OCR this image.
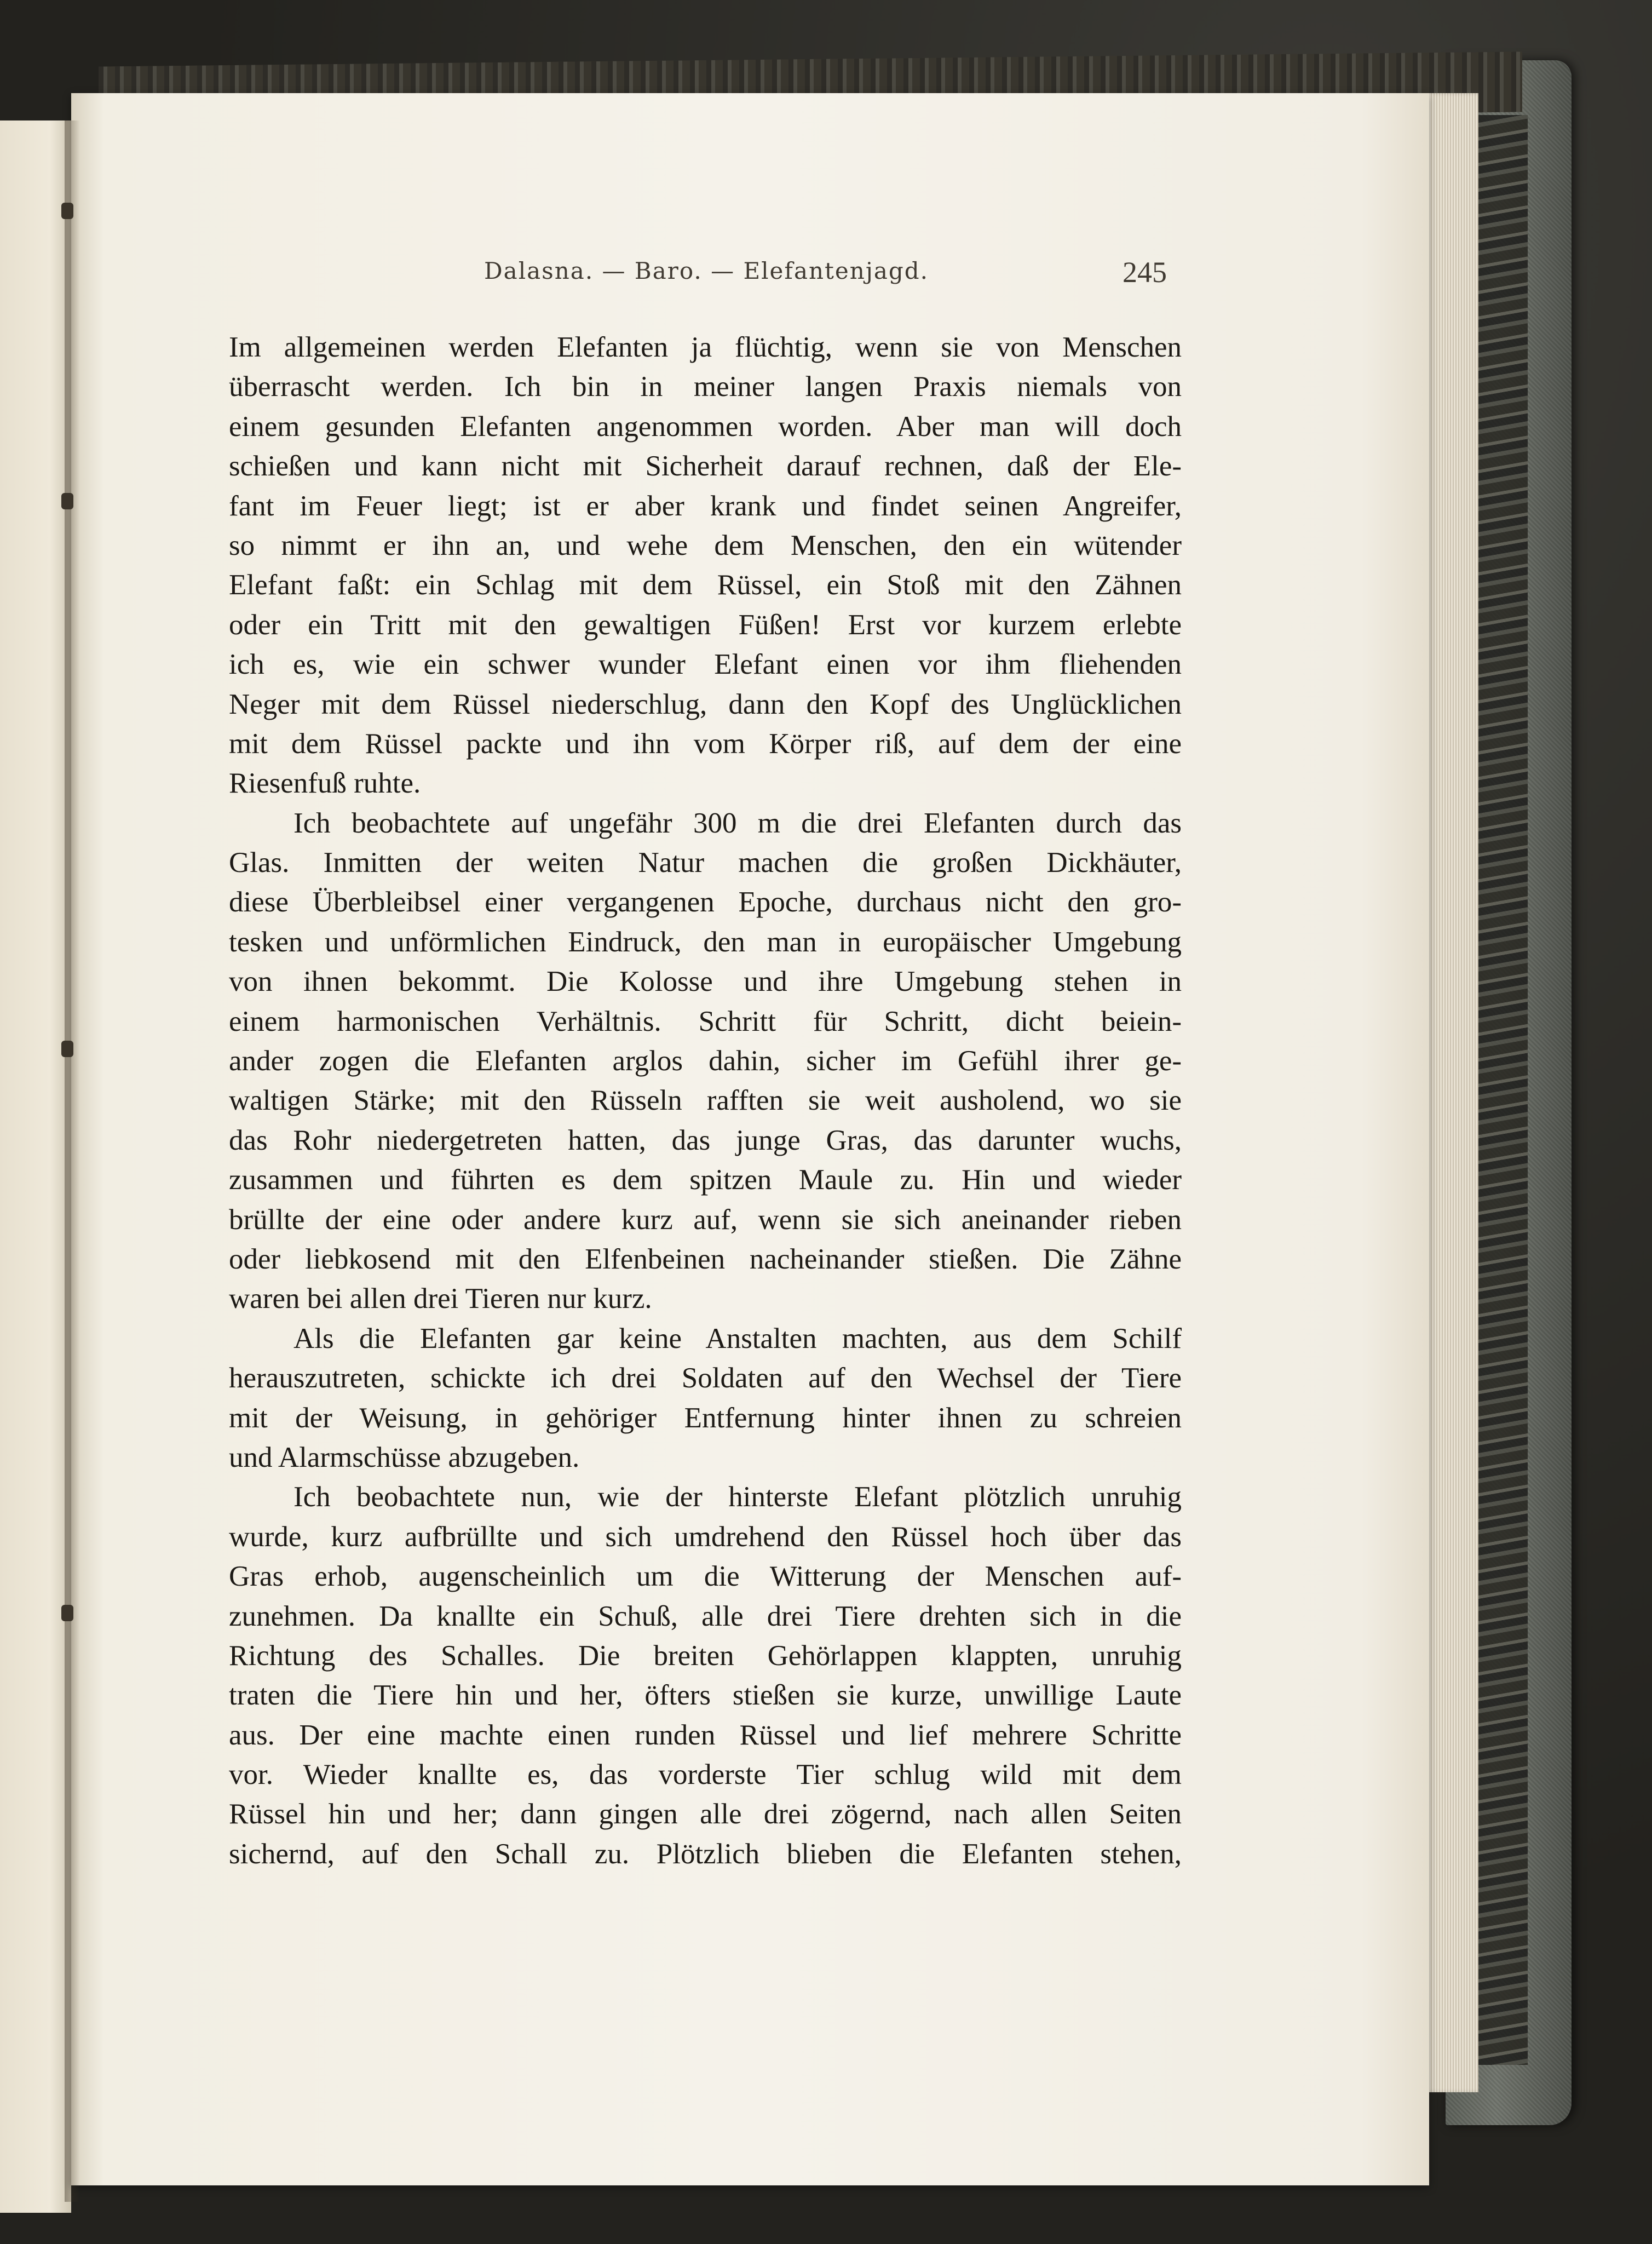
Dalasna. — Baro. — Elefantenjagd.	245
Im allgemeinen werden Elefanten ja flüchtig, wenn sie von Menschen
überrascht werden. Ich bin in meiner langen Praxis niemals von
einem gesunden Elefanten angenommen worden. Aber man will doch
schießen und kann nicht mit Sicherheit darauf rechnen, daß der Ele-
fant im Feuer liegt; ist er aber krank und findet seinen Angreifer,
so nimmt er ihn an, und wehe dem Menschen, den ein wütender
Elefant faßt: ein Schlag mit dem Rüssel, ein Stoß mit den Zähnen
oder ein Tritt mit den gewaltigen Füßen! Erst vor kurzem erlebte
ich es, wie ein schwer wunder Elefant einen vor ihm fliehenden
Neger mit dem Rüssel niederschlug, dann den Kopf des Unglücklichen
mit dem Rüssel packte und ihn vom Körper riß, auf dem der eine
Riesenfuß ruhte.
Ich beobachtete auf ungefähr 300 m die drei Elefanten durch das
Glas. Inmitten der weiten Natur machen die großen Dickhäuter,
diese Überbleibsel einer vergangenen Epoche, durchaus nicht den gro-
tesken und unförmlichen Eindruck, den man in europäischer Umgebung
von ihnen bekommt. Die Kolosse und ihre Umgebung stehen in
einem harmonischen Verhältnis. Schritt für Schritt, dicht beiein-
ander zogen die Elefanten arglos dahin, sicher im Gefühl ihrer ge-
waltigen Stärke; mit den Rüsseln rafften sie weit ausholend, wo sie
das Rohr niedergetreten hatten, das junge Gras, das darunter wuchs,
zusammen und führten es dem spitzen Maule zu. Hin und wieder
brüllte der eine oder andere kurz auf, wenn sie sich aneinander rieben
oder liebkosend mit den Elfenbeinen nacheinander stießen. Die Zähne
waren bei allen drei Tieren nur kurz.
Als die Elefanten gar keine Anstalten machten, aus dem Schilf
herauszutreten, schickte ich drei Soldaten auf den Wechsel der Tiere
mit der Weisung, in gehöriger Entfernung hinter ihnen zu schreien
und Alarmschüsse abzugeben.
Ich beobachtete nun, wie der hinterste Elefant plötzlich unruhig
wurde, kurz aufbrüllte und sich umdrehend den Rüssel hoch über das
Gras erhob, augenscheinlich um die Witterung der Menschen auf-
zunehmen. Da knallte ein Schuß, alle drei Tiere drehten sich in die
Richtung des Schalles. Die breiten Gehörlappen klappten, unruhig
traten die Tiere hin und her, öfters stießen sie kurze, unwillige Laute
aus. Der eine machte einen runden Rüssel und lief mehrere Schritte
vor. Wieder knallte es, das vorderste Tier schlug wild mit dem
Rüssel hin und her; dann gingen alle drei zögernd, nach allen Seiten
sichernd, auf den Schall zu. Plötzlich blieben die Elefanten stehen,
